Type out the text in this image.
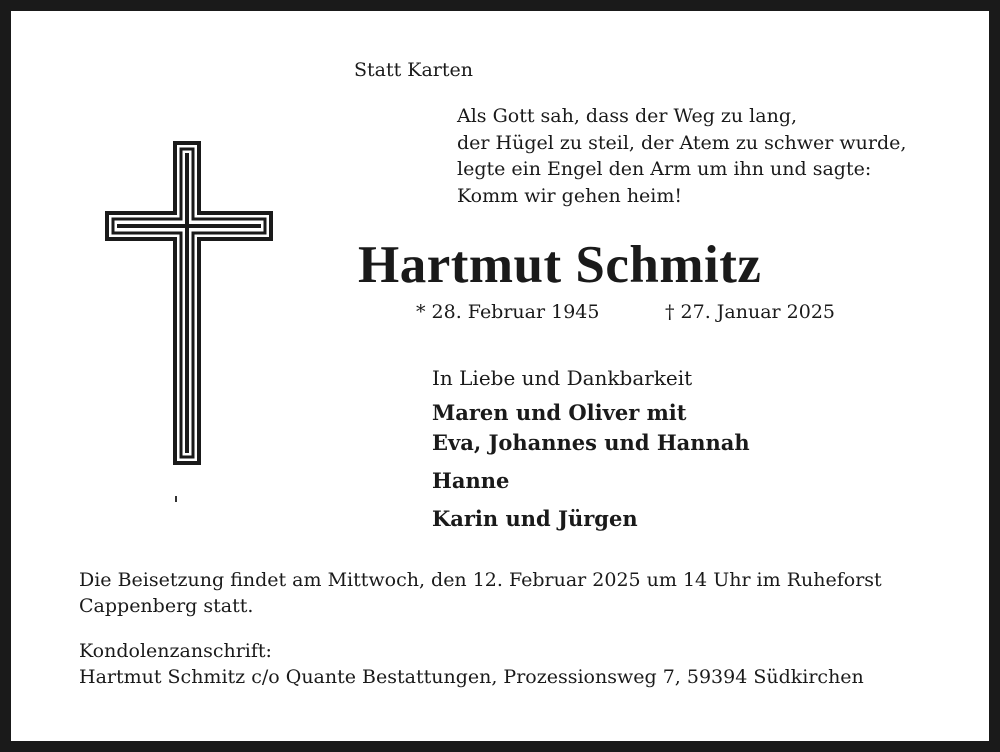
Statt Karten

Als Gott sah, dass der Weg zu lang,
der Hügel zu steil, der Atem zu schwer wurde,
legte ein Engel den Arm um ihn und sagte:
Komm wir gehen heim!
Hartmut Schmitz

* 28. Februar 1945	† 27. Januar 2025

In Liebe und Dankbarkeit

Maren und Oliver mit
Eva, Johannes und Hannah
Hanne
Karin und Jürgen

Die Beisetzung findet am Mittwoch, den 12. Februar 2025 um 14 Uhr im Ruheforst Cappenberg statt.

Kondolenzanschrift:
Hartmut Schmitz c/o Quante Bestattungen, Prozessionsweg 7, 59394 Südkirchen
